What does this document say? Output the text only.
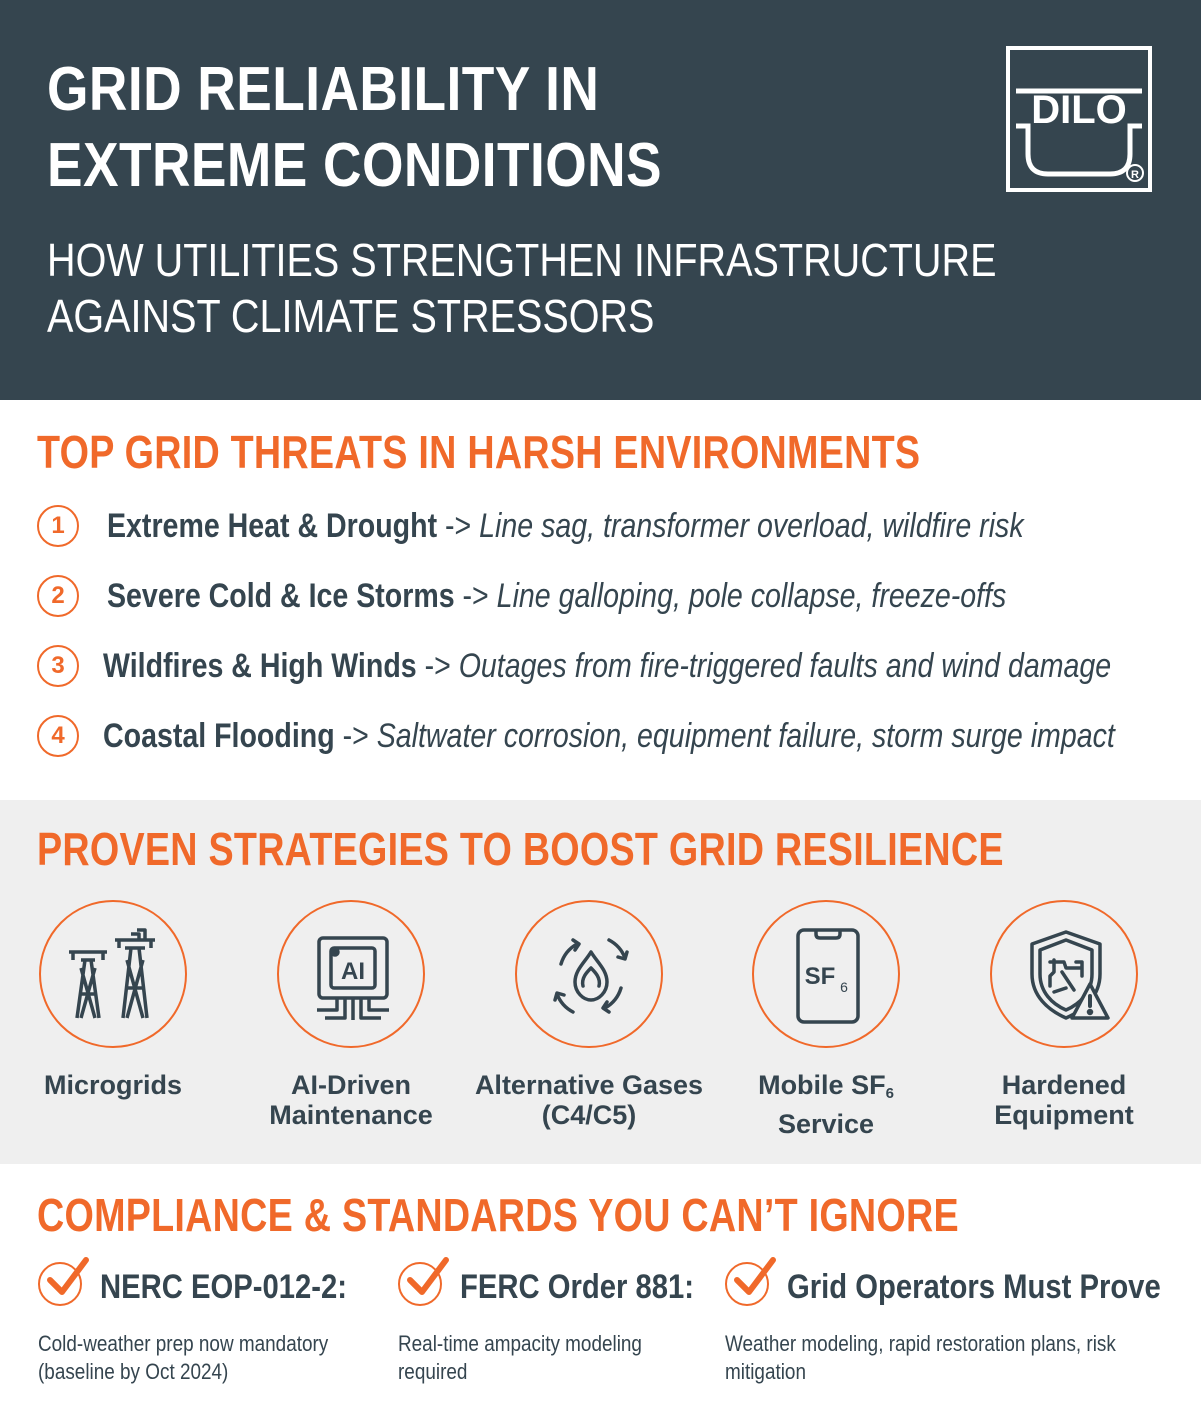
GRID RELIABILITY IN
EXTREME CONDITIONS
HOW UTILITIES STRENGTHEN INFRASTRUCTURE
AGAINST CLIMATE STRESSORS
DILO
R
TOP GRID THREATS IN HARSH ENVIRONMENTS
1	Extreme Heat & Drought -> Line sag, transformer overload, wildfire risk
2	Severe Cold & Ice Storms -> Line galloping, pole collapse, freeze-offs
3	Wildfires & High Winds -> Outages from fire-triggered faults and wind damage
4	Coastal Flooding -> Saltwater corrosion, equipment failure, storm surge impact
PROVEN STRATEGIES TO BOOST GRID RESILIENCE
Microgrids
AI
AI-Driven
Maintenance
Alternative Gases
(C4/C5)
SF 6
Mobile $SF_6$
Service
Hardened
Equipment
COMPLIANCE & STANDARDS YOU CAN’T IGNORE
NERC EOP-012-2:
Cold-weather prep now mandatory (baseline by Oct 2024)
FERC Order 881:
Real-time ampacity modeling required
Grid Operators Must Prove
Weather modeling, rapid restoration plans, risk mitigation
